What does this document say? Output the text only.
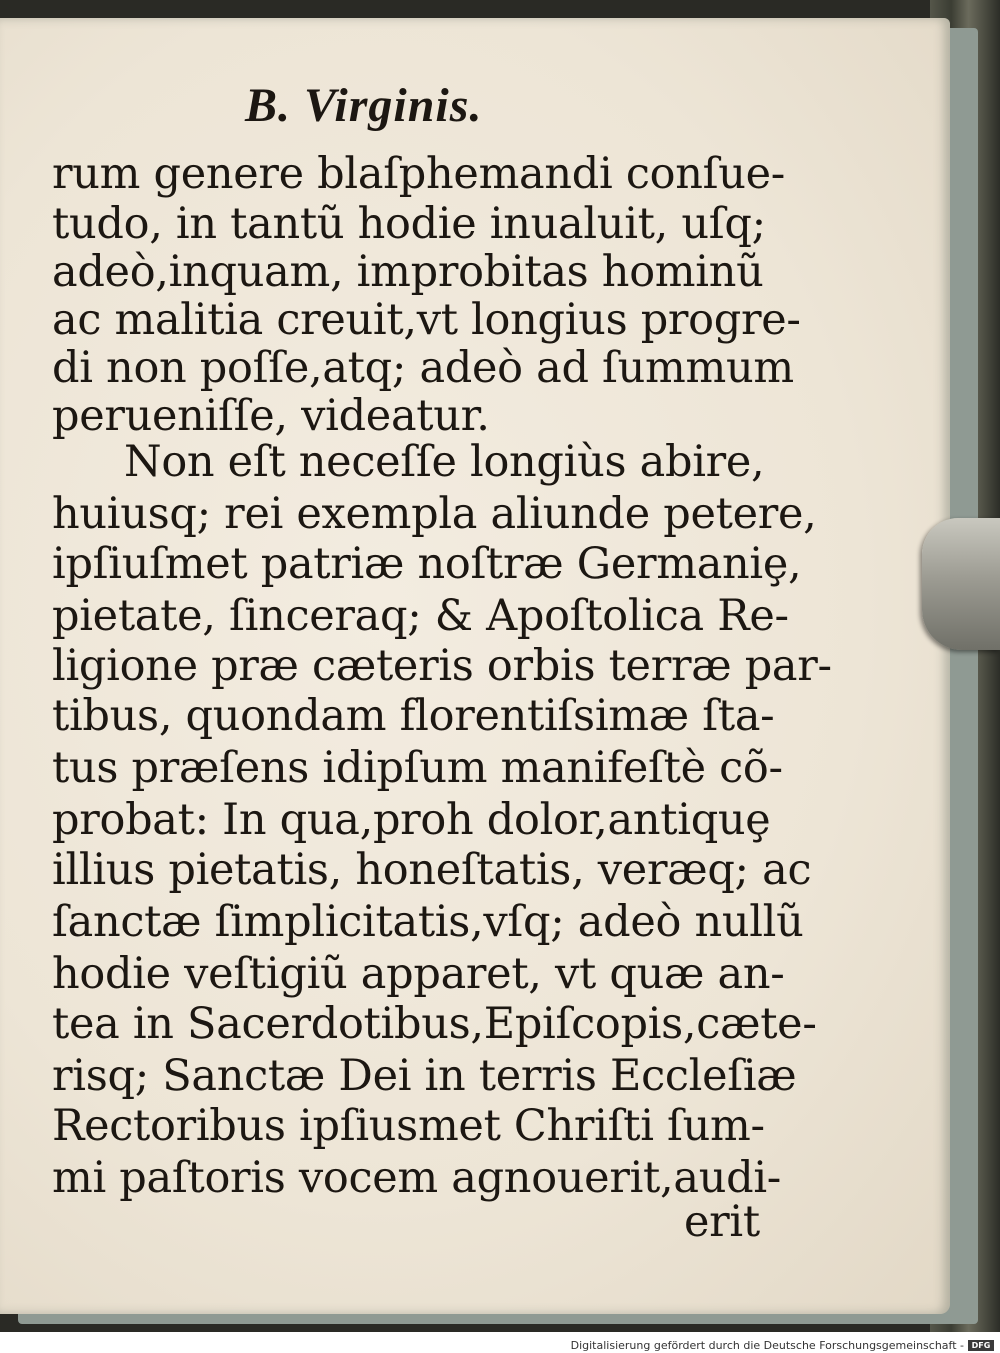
B. Virginis.
rum genere blaſphemandi conſue-
tudo, in tantũ hodie inualuit, uſq;
adeò,inquam, improbitas hominũ
ac malitia creuit,vt longius progre-
di non poſſe,atq; adeò ad ſummum
perueniſſe, videatur.
Non eſt neceſſe longiùs abire,
huiusq; rei exempla aliunde petere,
ipſiuſmet patriæ noſtræ Germaniȩ,
pietate, ſinceraq; & Apoſtolica Re-
ligione præ cæteris orbis terræ par-
tibus, quondam florentiſsimæ ſta-
tus præſens idipſum manifeſtè cõ-
probat: In qua,proh dolor,antiquȩ
illius pietatis, honeſtatis, veræq; ac
ſanctæ ſimplicitatis,vſq; adeò nullũ
hodie veſtigiũ apparet, vt quæ an-
tea in Sacerdotibus,Epiſcopis,cæte-
risq; Sanctæ Dei in terris Eccleſiæ
Rectoribus ipſiusmet Chriſti ſum-
mi paſtoris vocem agnouerit,audi-
erit
Digitalisierung gefördert durch die Deutsche Forschungsgemeinschaft - DFG
